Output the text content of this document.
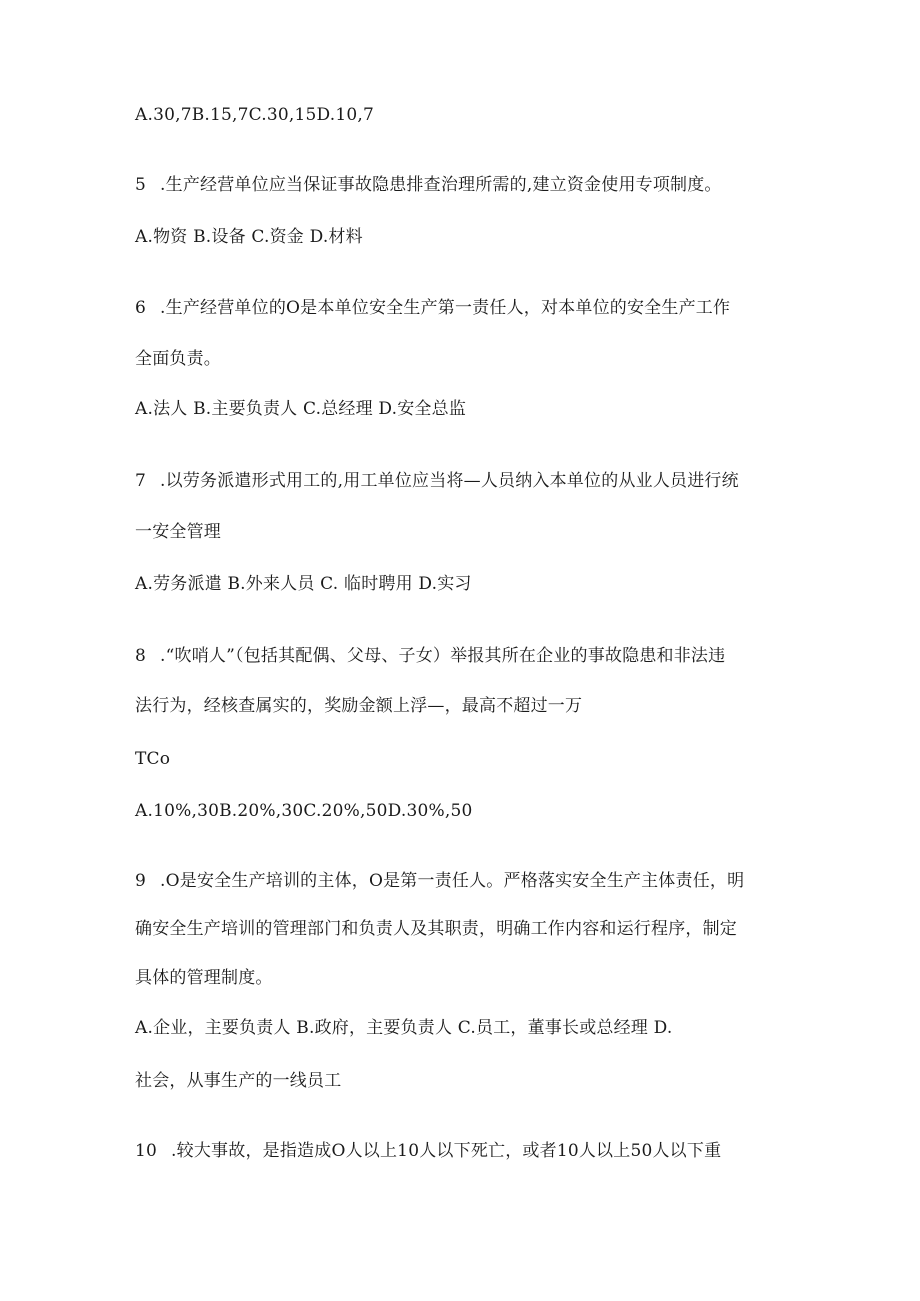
A.30,7B.15,7C.30,15D.10,7
5 .生产经营单位应当保证事故隐患排查治理所需的,建立资金使用专项制度。
A.物资 B.设备 C.资金 D.材料
6 .生产经营单位的O是本单位安全生产第一责任人，对本单位的安全生产工作
全面负责。
A.法人 B.主要负责人 C.总经理 D.安全总监
7 .以劳务派遣形式用工的,用工单位应当将—人员纳入本单位的从业人员进行统
一安全管理
A.劳务派遣 B.外来人员 C. 临时聘用 D.实习
8 .“吹哨人”（包括其配偶、父母、子女）举报其所在企业的事故隐患和非法违
法行为，经核查属实的，奖励金额上浮—，最高不超过一万
TCo
A.10%,30B.20%,30C.20%,50D.30%,50
9 .O是安全生产培训的主体，O是第一责任人。严格落实安全生产主体责任，明
确安全生产培训的管理部门和负责人及其职责，明确工作内容和运行程序，制定
具体的管理制度。
A.企业，主要负责人 B.政府，主要负责人 C.员工，董事长或总经理 D.
社会，从事生产的一线员工
10 .较大事故，是指造成O人以上10人以下死亡，或者10人以上50人以下重
